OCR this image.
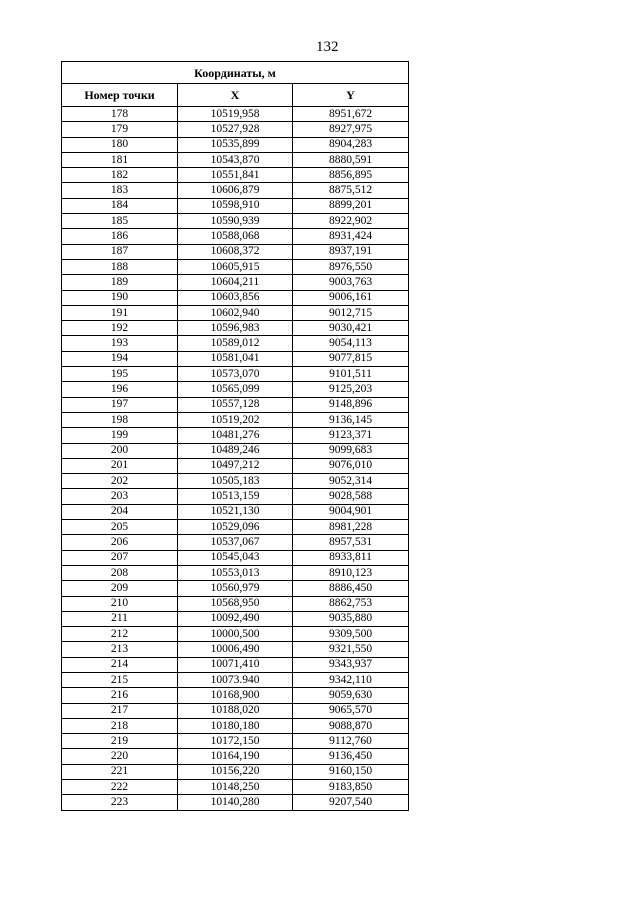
132
Координаты, м		
Номер точки	X	Y
178	10519,958	8951,672
179	10527,928	8927,975
180	10535,899	8904,283
181	10543,870	8880,591
182	10551,841	8856,895
183	10606,879	8875,512
184	10598,910	8899,201
185	10590,939	8922,902
186	10588,068	8931,424
187	10608,372	8937,191
188	10605,915	8976,550
189	10604,211	9003,763
190	10603,856	9006,161
191	10602,940	9012,715
192	10596,983	9030,421
193	10589,012	9054,113
194	10581,041	9077,815
195	10573,070	9101,511
196	10565,099	9125,203
197	10557,128	9148,896
198	10519,202	9136,145
199	10481,276	9123,371
200	10489,246	9099,683
201	10497,212	9076,010
202	10505,183	9052,314
203	10513,159	9028,588
204	10521,130	9004,901
205	10529,096	8981,228
206	10537,067	8957,531
207	10545,043	8933,811
208	10553,013	8910,123
209	10560,979	8886,450
210	10568,950	8862,753
211	10092,490	9035,880
212	10000,500	9309,500
213	10006,490	9321,550
214	10071,410	9343,937
215	10073.940	9342,110
216	10168,900	9059,630
217	10188,020	9065,570
218	10180,180	9088,870
219	10172,150	9112,760
220	10164,190	9136,450
221	10156,220	9160,150
222	10148,250	9183,850
223	10140,280	9207,540
